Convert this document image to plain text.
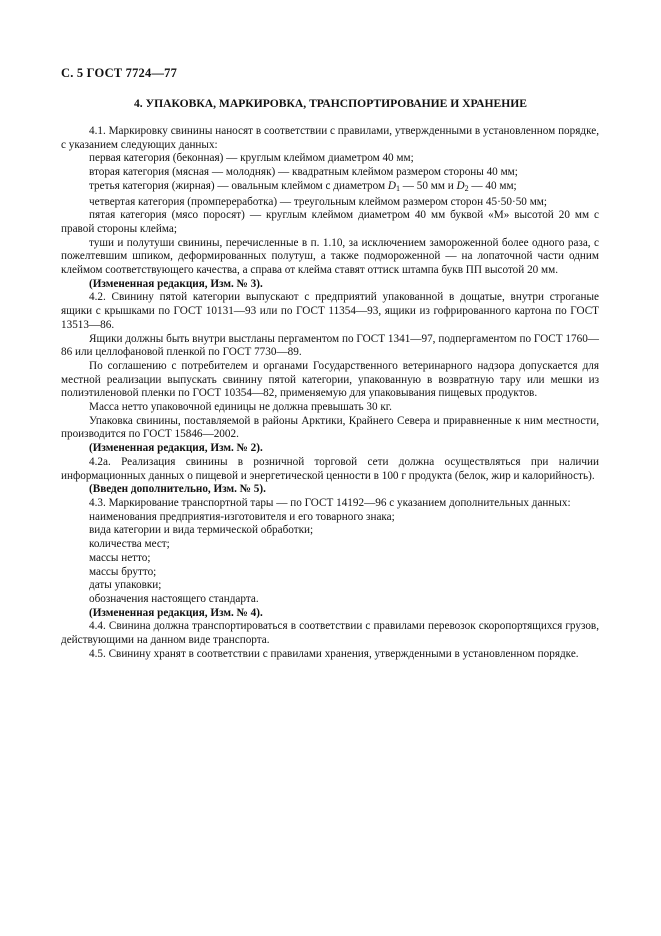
С. 5 ГОСТ 7724—77
4. УПАКОВКА, МАРКИРОВКА, ТРАНСПОРТИРОВАНИЕ И ХРАНЕНИЕ

4.1. Маркировку свинины наносят в соответствии с правилами, утвержденными в установленном порядке, с указанием следующих данных:

первая категория (беконная) — круглым клеймом диаметром 40 мм;

вторая категория (мясная — молодняк) — квадратным клеймом размером стороны 40 мм;

третья категория (жирная) — овальным клеймом с диаметром $D_1$ — 50 мм и $D_2$ — 40 мм;

четвертая категория (промпереработка) — треугольным клеймом размером сторон 45·50·50 мм;

пятая категория (мясо поросят) — круглым клеймом диаметром 40 мм буквой «М» высотой 20 мм с правой стороны клейма;

туши и полутуши свинины, перечисленные в п. 1.10, за исключением замороженной более одного раза, с пожелтевшим шпиком, деформированных полутуш, а также подмороженной — на лопаточной части одним клеймом соответствующего качества, а справа от клейма ставят оттиск штампа букв ПП высотой 20 мм.

(Измененная редакция, Изм. № 3).

4.2. Свинину пятой категории выпускают с предприятий упакованной в дощатые, внутри строганые ящики с крышками по ГОСТ 10131—93 или по ГОСТ 11354—93, ящики из гофрированного картона по ГОСТ 13513—86.

Ящики должны быть внутри выстланы пергаментом по ГОСТ 1341—97, подпергаментом по ГОСТ 1760—86 или целлофановой пленкой по ГОСТ 7730—89.

По соглашению с потребителем и органами Государственного ветеринарного надзора допускается для местной реализации выпускать свинину пятой категории, упакованную в возвратную тару или мешки из полиэтиленовой пленки по ГОСТ 10354—82, применяемую для упаковывания пищевых продуктов.

Масса нетто упаковочной единицы не должна превышать 30 кг.

Упаковка свинины, поставляемой в районы Арктики, Крайнего Севера и приравненные к ним местности, производится по ГОСТ 15846—2002.

(Измененная редакция, Изм. № 2).

4.2а. Реализация свинины в розничной торговой сети должна осуществляться при наличии информационных данных о пищевой и энергетической ценности в 100 г продукта (белок, жир и калорийность).

(Введен дополнительно, Изм. № 5).

4.3. Маркирование транспортной тары — по ГОСТ 14192—96 с указанием дополнительных данных:

наименования предприятия-изготовителя и его товарного знака;

вида категории и вида термической обработки;

количества мест;

массы нетто;

массы брутто;

даты упаковки;

обозначения настоящего стандарта.

(Измененная редакция, Изм. № 4).

4.4. Свинина должна транспортироваться в соответствии с правилами перевозок скоропортящихся грузов, действующими на данном виде транспорта.

4.5. Свинину хранят в соответствии с правилами хранения, утвержденными в установленном порядке.
